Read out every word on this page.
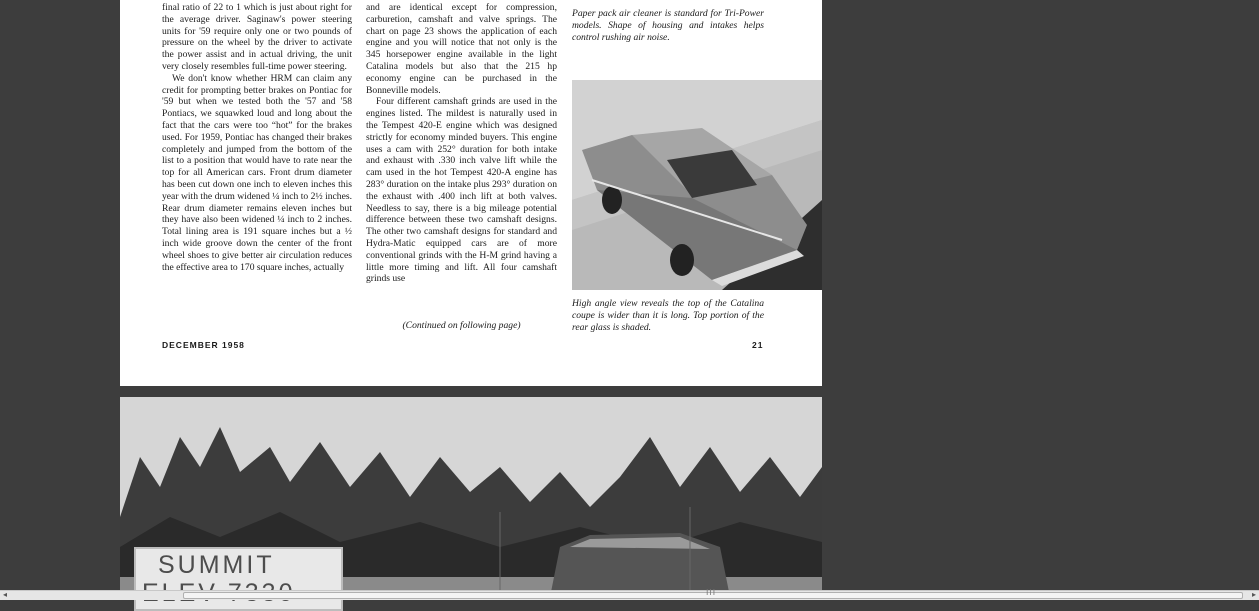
final ratio of 22 to 1 which is just about right for the average driver. Saginaw's power steering units for '59 require only one or two pounds of pressure on the wheel by the driver to activate the power assist and in actual driving, the unit very closely resembles full-time power steering.

We don't know whether HRM can claim any credit for prompting better brakes on Pontiac for '59 but when we tested both the '57 and '58 Pontiacs, we squawked loud and long about the fact that the cars were too “hot” for the brakes used. For 1959, Pontiac has changed their brakes completely and jumped from the bottom of the list to a position that would have to rate near the top for all American cars. Front drum diameter has been cut down one inch to eleven inches this year with the drum widened ¼ inch to 2½ inches. Rear drum diameter remains eleven inches but they have also been widened ¼ inch to 2 inches. Total lining area is 191 square inches but a ½ inch wide groove down the center of the front wheel shoes to give better air circulation reduces the effective area to 170 square inches, actually

and are identical except for compression, carburetion, camshaft and valve springs. The chart on page 23 shows the application of each engine and you will notice that not only is the 345 horsepower engine available in the light Catalina models but also that the 215 hp economy engine can be purchased in the Bonneville models.

Four different camshaft grinds are used in the engines listed. The mildest is naturally used in the Tempest 420-E engine which was designed strictly for economy minded buyers. This engine uses a cam with 252° duration for both intake and exhaust with .330 inch valve lift while the cam used in the hot Tempest 420-A engine has 283° duration on the intake plus 293° duration on the exhaust with .400 inch lift at both valves. Needless to say, there is a big mileage potential difference between these two camshaft designs. The other two camshaft designs for standard and Hydra-Matic equipped cars are of more conventional grinds with the H-M grind having a little more timing and lift. All four camshaft grinds use

(Continued on following page)
Paper pack air cleaner is standard for Tri-Power models. Shape of housing and intakes helps control rushing air noise.
High angle view reveals the top of the Catalina coupe is wider than it is long. Top portion of the rear glass is shaded.
DECEMBER 1958	21
SUMMIT
◂	III	▸
